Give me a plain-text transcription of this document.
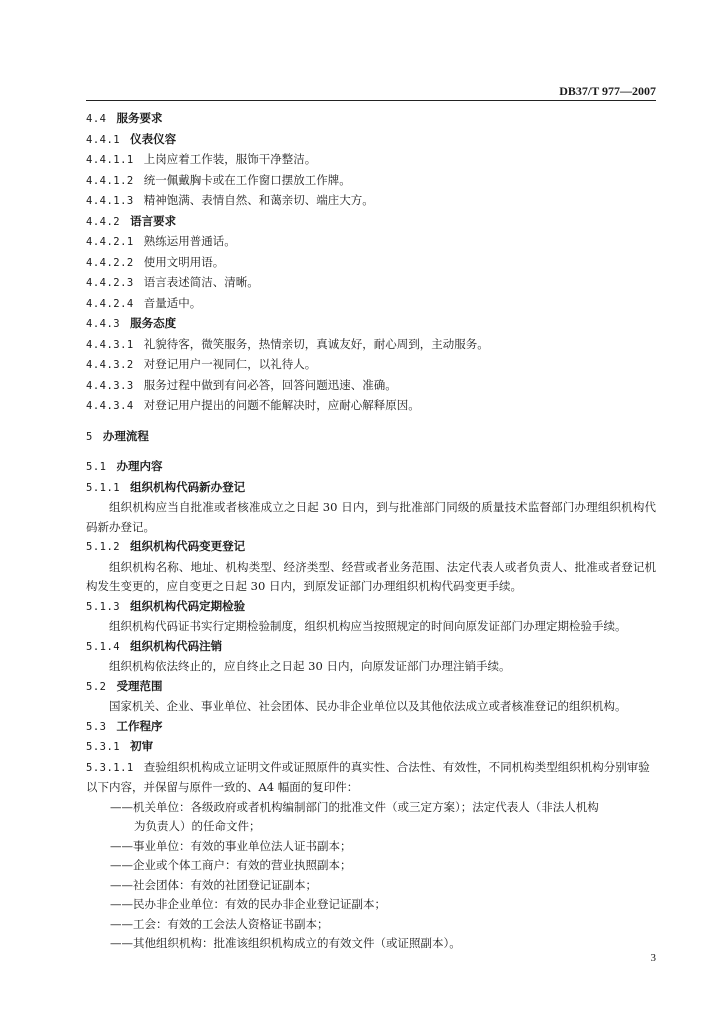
DB37/T 977—2007
4.4 服务要求
4.4.1 仪表仪容
4.4.1.1 上岗应着工作装，服饰干净整洁。
4.4.1.2 统一佩戴胸卡或在工作窗口摆放工作牌。
4.4.1.3 精神饱满、表情自然、和蔼亲切、端庄大方。
4.4.2 语言要求
4.4.2.1 熟练运用普通话。
4.4.2.2 使用文明用语。
4.4.2.3 语言表述简洁、清晰。
4.4.2.4 音量适中。
4.4.3 服务态度
4.4.3.1 礼貌待客，微笑服务，热情亲切，真诚友好，耐心周到，主动服务。
4.4.3.2 对登记用户一视同仁，以礼待人。
4.4.3.3 服务过程中做到有问必答，回答问题迅速、准确。
4.4.3.4 对登记用户提出的问题不能解决时，应耐心解释原因。
5 办理流程
5.1 办理内容
5.1.1 组织机构代码新办登记
组织机构应当自批准或者核准成立之日起 30 日内，到与批准部门同级的质量技术监督部门办理组织机构代码新办登记。
5.1.2 组织机构代码变更登记
组织机构名称、地址、机构类型、经济类型、经营或者业务范围、法定代表人或者负责人、批准或者登记机构发生变更的，应自变更之日起 30 日内，到原发证部门办理组织机构代码变更手续。
5.1.3 组织机构代码定期检验
组织机构代码证书实行定期检验制度，组织机构应当按照规定的时间向原发证部门办理定期检验手续。
5.1.4 组织机构代码注销
组织机构依法终止的，应自终止之日起 30 日内，向原发证部门办理注销手续。
5.2 受理范围
国家机关、企业、事业单位、社会团体、民办非企业单位以及其他依法成立或者核准登记的组织机构。
5.3 工作程序
5.3.1 初审
5.3.1.1 查验组织机构成立证明文件或证照原件的真实性、合法性、有效性，不同机构类型组织机构分别审验以下内容，并保留与原件一致的、A4 幅面的复印件：
——机关单位：各级政府或者机构编制部门的批准文件（或三定方案）；法定代表人（非法人机构
为负责人）的任命文件；
——事业单位：有效的事业单位法人证书副本；
——企业或个体工商户：有效的营业执照副本；
——社会团体：有效的社团登记证副本；
——民办非企业单位：有效的民办非企业登记证副本；
——工会：有效的工会法人资格证书副本；
——其他组织机构：批准该组织机构成立的有效文件（或证照副本）。
3
